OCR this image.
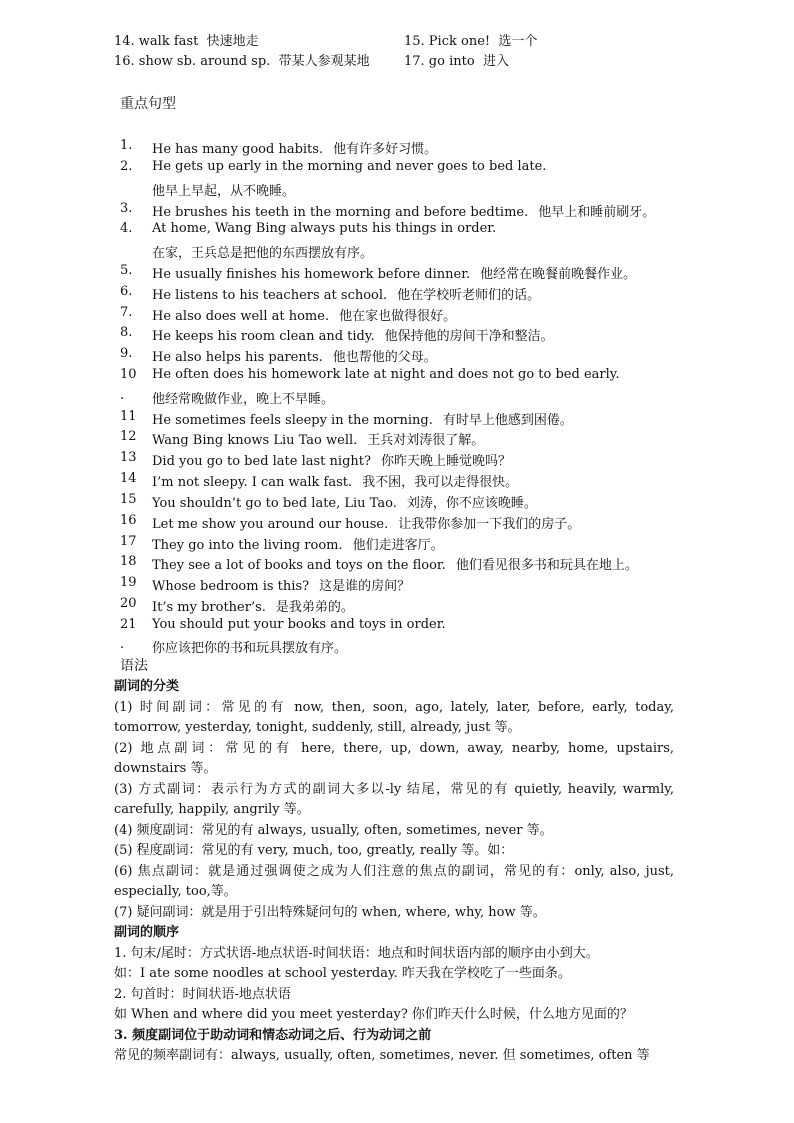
14. walk fast 快速地走	15. Pick one! 选一个
16. show sb. around sp. 带某人参观某地	17. go into 进入
重点句型
1.	He has many good habits. 他有许多好习惯。
2.	He gets up early in the morning and never goes to bed late.
他早上早起，从不晚睡。
3.	He brushes his teeth in the morning and before bedtime. 他早上和睡前刷牙。
4.	At home, Wang Bing always puts his things in order.
在家，王兵总是把他的东西摆放有序。
5.	He usually finishes his homework before dinner. 他经常在晚餐前晚餐作业。
6.	He listens to his teachers at school. 他在学校听老师们的话。
7.	He also does well at home. 他在家也做得很好。
8.	He keeps his room clean and tidy. 他保持他的房间干净和整洁。
9.	He also helps his parents. 他也帮他的父母。
10	He often does his homework late at night and does not go to bed early.
.	他经常晚做作业，晚上不早睡。
11	He sometimes feels sleepy in the morning. 有时早上他感到困倦。
12	Wang Bing knows Liu Tao well. 王兵对刘涛很了解。
13	Did you go to bed late last night? 你昨天晚上睡觉晚吗？
14	I’m not sleepy. I can walk fast. 我不困，我可以走得很快。
15	You shouldn’t go to bed late, Liu Tao. 刘涛，你不应该晚睡。
16	Let me show you around our house. 让我带你参加一下我们的房子。
17	They go into the living room. 他们走进客厅。
18	They see a lot of books and toys on the floor. 他们看见很多书和玩具在地上。
19	Whose bedroom is this? 这是谁的房间？
20	It’s my brother’s. 是我弟弟的。
21	You should put your books and toys in order.
.	你应该把你的书和玩具摆放有序。
语法
副词的分类
(1) 时间副词：常见的有 now, then, soon, ago, lately, later, before, early, today, tomorrow, yesterday, tonight, suddenly, still, already, just 等。
(2) 地点副词：常见的有 here, there, up, down, away, nearby, home, upstairs, downstairs 等。
(3) 方式副词：表示行为方式的副词大多以-ly 结尾，常见的有 quietly, heavily, warmly, carefully, happily, angrily 等。
(4) 频度副词：常见的有 always, usually, often, sometimes, never 等。
(5) 程度副词：常见的有 very, much, too, greatly, really 等。如：
(6) 焦点副词：就是通过强调使之成为人们注意的焦点的副词，常见的有：only, also, just, especially, too,等。
(7) 疑问副词：就是用于引出特殊疑问句的 when, where, why, how 等。
副词的顺序
1. 句末/尾时：方式状语-地点状语-时间状语：地点和时间状语内部的顺序由小到大。
如：I ate some noodles at school yesterday. 昨天我在学校吃了一些面条。
2. 句首时：时间状语-地点状语
如 When and where did you meet yesterday? 你们昨天什么时候，什么地方见面的？
3. 频度副词位于助动词和情态动词之后、行为动词之前
常见的频率副词有：always, usually, often, sometimes, never. 但 sometimes, often 等
